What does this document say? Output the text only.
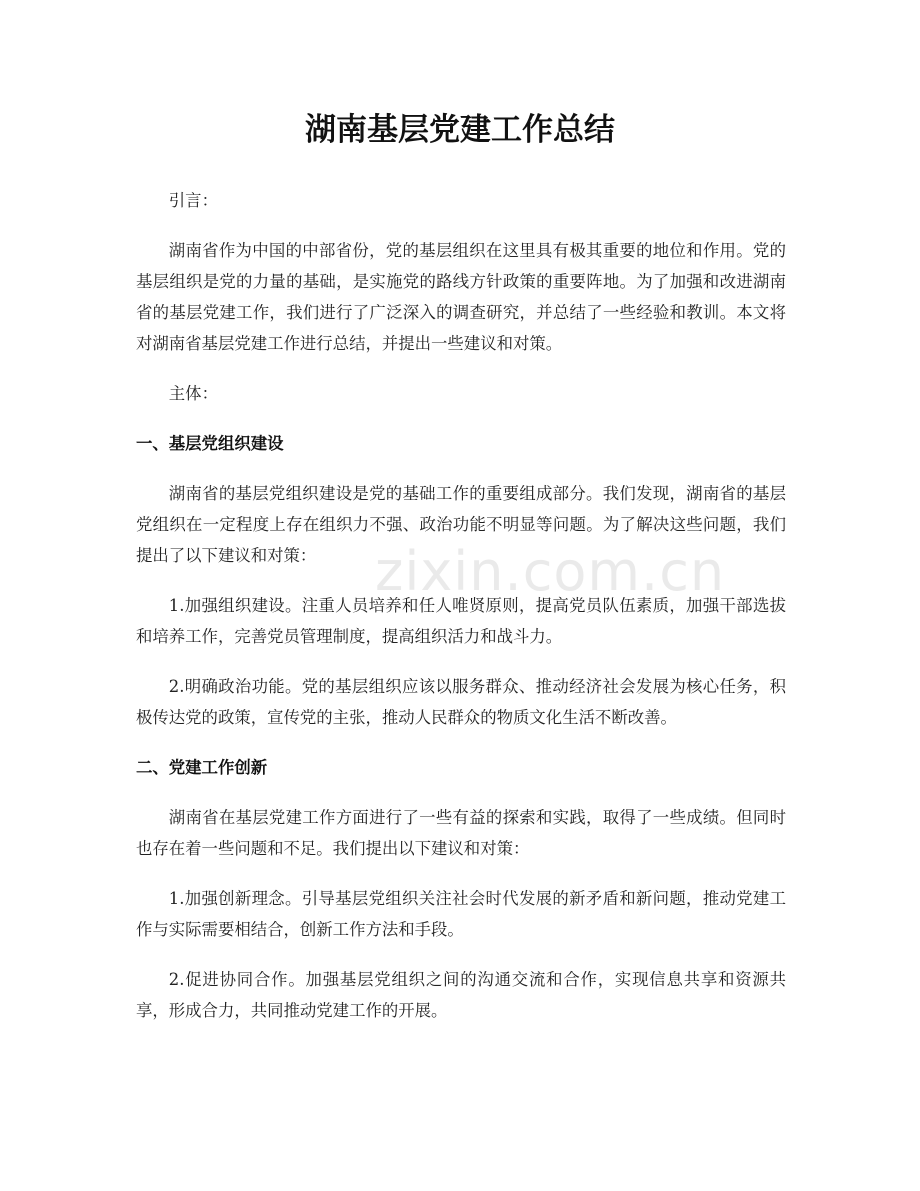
湖南基层党建工作总结

引言：

湖南省作为中国的中部省份，党的基层组织在这里具有极其重要的地位和作用。党的基层组织是党的力量的基础，是实施党的路线方针政策的重要阵地。为了加强和改进湖南省的基层党建工作，我们进行了广泛深入的调查研究，并总结了一些经验和教训。本文将对湖南省基层党建工作进行总结，并提出一些建议和对策。

主体：

一、基层党组织建设

湖南省的基层党组织建设是党的基础工作的重要组成部分。我们发现，湖南省的基层党组织在一定程度上存在组织力不强、政治功能不明显等问题。为了解决这些问题，我们提出了以下建议和对策：

1.加强组织建设。注重人员培养和任人唯贤原则，提高党员队伍素质，加强干部选拔和培养工作，完善党员管理制度，提高组织活力和战斗力。

2.明确政治功能。党的基层组织应该以服务群众、推动经济社会发展为核心任务，积极传达党的政策，宣传党的主张，推动人民群众的物质文化生活不断改善。

二、党建工作创新

湖南省在基层党建工作方面进行了一些有益的探索和实践，取得了一些成绩。但同时也存在着一些问题和不足。我们提出以下建议和对策：

1.加强创新理念。引导基层党组织关注社会时代发展的新矛盾和新问题，推动党建工作与实际需要相结合，创新工作方法和手段。

2.促进协同合作。加强基层党组织之间的沟通交流和合作，实现信息共享和资源共享，形成合力，共同推动党建工作的开展。

zixin.com.cn
